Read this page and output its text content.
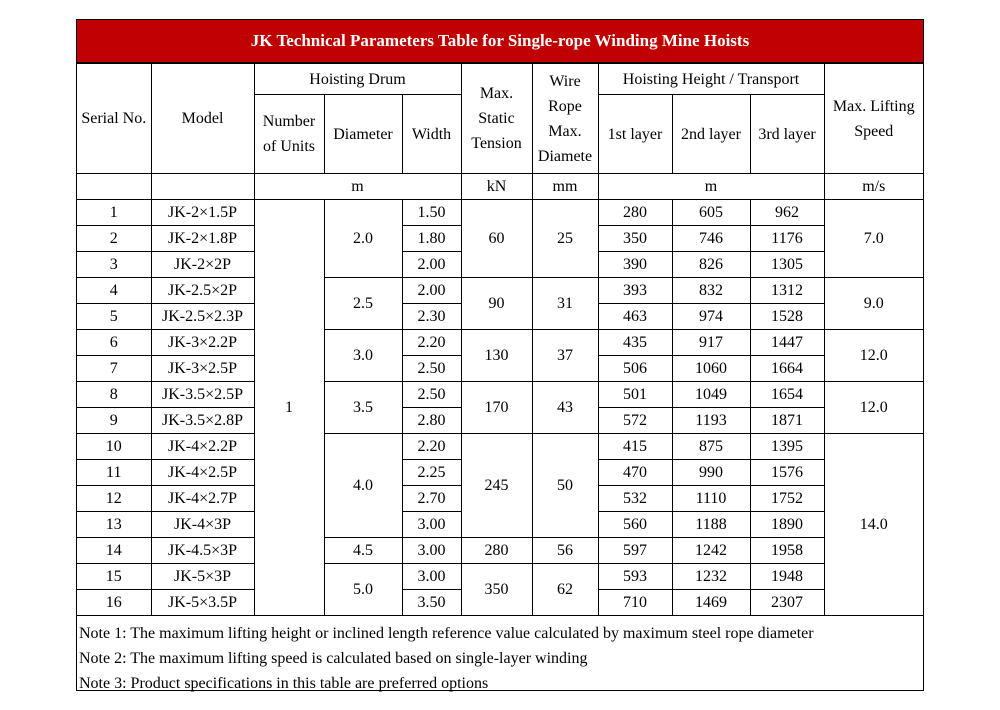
JK Technical Parameters Table for Single-rope Winding Mine Hoists
Serial No.	Model	Hoisting Drum			Max. Static Tension	Wire Rope Max. Diamete	Hoisting Height / Transport			Max. Lifting Speed
		Number of Units	Diameter	Width			1st layer	2nd layer	3rd layer	
		m			kN	mm	m			m/s
1	JK-2×1.5P	1	2.0	1.50	60	25	280	605	962	7.0
2	JK-2×1.8P			1.80			350	746	1176	
3	JK-2×2P			2.00			390	826	1305	
4	JK-2.5×2P		2.5	2.00	90	31	393	832	1312	9.0
5	JK-2.5×2.3P			2.30			463	974	1528	
6	JK-3×2.2P		3.0	2.20	130	37	435	917	1447	12.0
7	JK-3×2.5P			2.50			506	1060	1664	
8	JK-3.5×2.5P		3.5	2.50	170	43	501	1049	1654	12.0
9	JK-3.5×2.8P			2.80			572	1193	1871	
10	JK-4×2.2P		4.0	2.20	245	50	415	875	1395	14.0
11	JK-4×2.5P			2.25			470	990	1576	
12	JK-4×2.7P			2.70			532	1110	1752	
13	JK-4×3P			3.00			560	1188	1890	
14	JK-4.5×3P		4.5	3.00	280	56	597	1242	1958	
15	JK-5×3P		5.0	3.00	350	62	593	1232	1948	
16	JK-5×3.5P			3.50			710	1469	2307	
Note 1: The maximum lifting height or inclined length reference value calculated by maximum steel rope diameter
Note 2: The maximum lifting speed is calculated based on single-layer winding
Note 3: Product specifications in this table are preferred options
